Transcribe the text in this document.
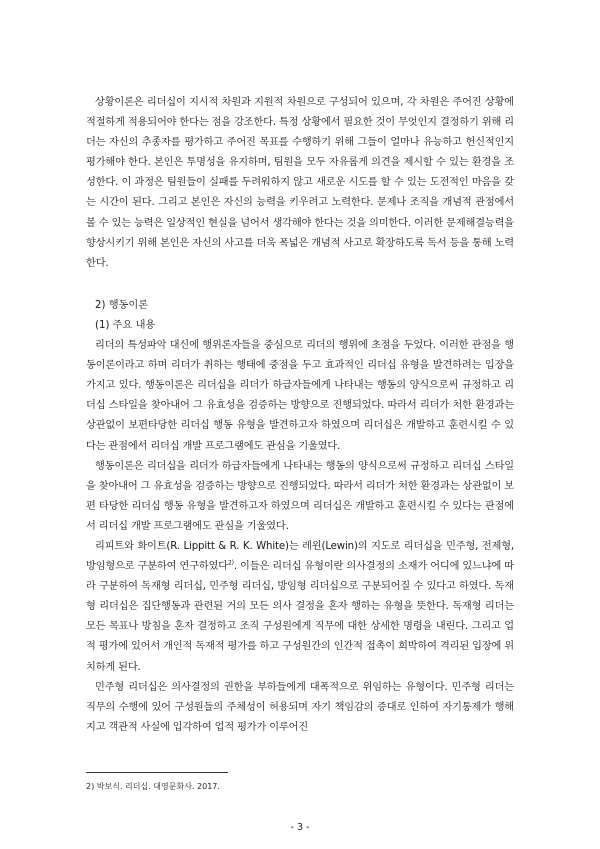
상황이론은 리더십이 지시적 차원과 지원적 차원으로 구성되어 있으며, 각 차원은 주어진 상황에 적절하게 적용되어야 한다는 점을 강조한다. 특정 상황에서 필요한 것이 무엇인지 결정하기 위해 리더는 자신의 추종자를 평가하고 주어진 목표를 수행하기 위해 그들이 얼마나 유능하고 헌신적인지 평가해야 한다. 본인은 투명성을 유지하며, 팀원을 모두 자유롭게 의견을 제시할 수 있는 환경을 조성한다. 이 과정은 팀원들이 실패를 두려워하지 않고 새로운 시도를 할 수 있는 도전적인 마음을 갖는 시간이 된다. 그리고 본인은 자신의 능력을 키우려고 노력한다. 문제나 조직을 개념적 관점에서 볼 수 있는 능력은 일상적인 현실을 넘어서 생각해야 한다는 것을 의미한다. 이러한 문제해결능력을 향상시키기 위해 본인은 자신의 사고를 더욱 폭넓은 개념적 사고로 확장하도록 독서 등을 통해 노력한다.

2) 행동이론

(1) 주요 내용

리더의 특성파악 대신에 행위론자들을 중심으로 리더의 행위에 초점을 두었다. 이러한 관점을 행동이론이라고 하며 리더가 취하는 행태에 중점을 두고 효과적인 리더십 유형을 발견하려는 입장을 가지고 있다. 행동이론은 리더십을 리더가 하급자들에게 나타내는 행동의 양식으로써 규정하고 리더십 스타일을 찾아내어 그 유효성을 검증하는 방향으로 진행되었다. 따라서 리더가 처한 환경과는 상관없이 보편타당한 리더십 행동 유형을 발견하고자 하였으며 리더십은 개발하고 훈련시킬 수 있다는 관점에서 리더십 개발 프로그램에도 관심을 기울였다.

행동이론은 리더십을 리더가 하급자들에게 나타내는 행동의 양식으로써 규정하고 리더십 스타일을 찾아내어 그 유효성을 검증하는 방향으로 진행되었다. 따라서 리더가 처한 환경과는 상관없이 보편 타당한 리더십 행동 유형을 발견하고자 하였으며 리더십은 개발하고 훈련시킬 수 있다는 관점에서 리더십 개발 프로그램에도 관심을 기울였다.

리피트와 화이트(R. Lippitt & R. K. White)는 레윈(Lewin)의 지도로 리더십을 민주형, 전제형, 방임형으로 구분하여 연구하였다$^{2)}$. 이들은 리더십 유형이란 의사결정의 소재가 어디에 있느냐에 따라 구분하여 독재형 리더십, 민주형 리더십, 방임형 리더십으로 구분되어질 수 있다고 하였다. 독재형 리더십은 집단행동과 관련된 거의 모든 의사 결정을 혼자 행하는 유형을 뜻한다. 독재형 리더는 모든 목표나 방침을 혼자 결정하고 조직 구성원에게 직무에 대한 상세한 명령을 내린다. 그리고 업적 평가에 있어서 개인적 독재적 평가를 하고 구성원간의 인간적 접촉이 희박하여 격리된 입장에 위치하게 된다.

민주형 리더십은 의사결정의 권한을 부하들에게 대폭적으로 위임하는 유형이다. 민주형 리더는 직무의 수행에 있어 구성원들의 주체성이 허용되며 자기 책임감의 증대로 인하여 자기통제가 행해지고 객관적 사실에 입각하여 업적 평가가 이루어진

2) 박보식. 리더십. 대영문화사. 2017.
- 3 -
